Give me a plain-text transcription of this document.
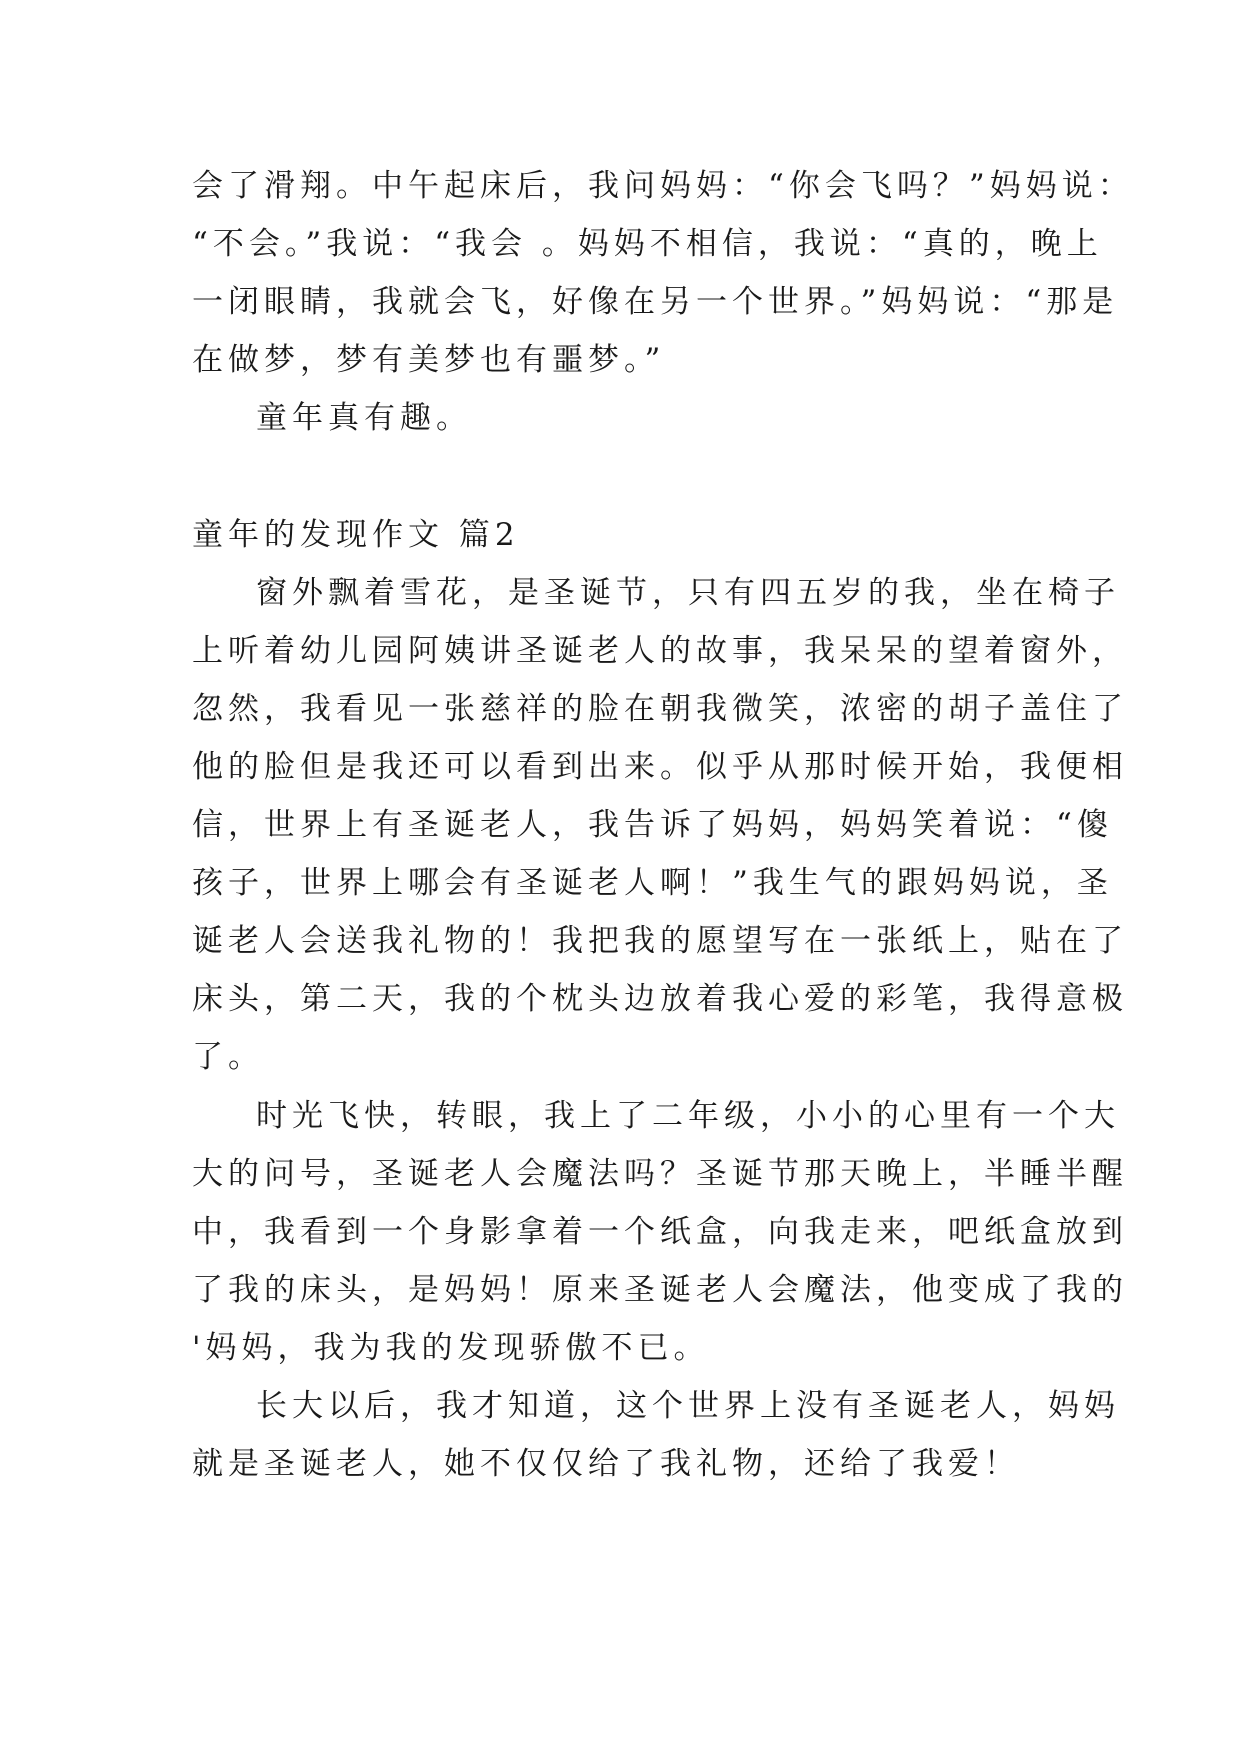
会了滑翔。中午起床后，我问妈妈：“你会飞吗？”妈妈说：
“不会。”我说：“我会 。妈妈不相信，我说：“真的，晚上
一闭眼睛，我就会飞，好像在另一个世界。”妈妈说：“那是
在做梦，梦有美梦也有噩梦。”
童年真有趣。
童年的发现作文 篇2
窗外飘着雪花，是圣诞节，只有四五岁的我，坐在椅子
上听着幼儿园阿姨讲圣诞老人的故事，我呆呆的望着窗外，
忽然，我看见一张慈祥的脸在朝我微笑，浓密的胡子盖住了
他的脸但是我还可以看到出来。似乎从那时候开始，我便相
信，世界上有圣诞老人，我告诉了妈妈，妈妈笑着说：“傻
孩子，世界上哪会有圣诞老人啊！”我生气的跟妈妈说，圣
诞老人会送我礼物的！我把我的愿望写在一张纸上，贴在了
床头，第二天，我的个枕头边放着我心爱的彩笔，我得意极
了。
时光飞快，转眼，我上了二年级，小小的心里有一个大
大的问号，圣诞老人会魔法吗？圣诞节那天晚上，半睡半醒
中，我看到一个身影拿着一个纸盒，向我走来，吧纸盒放到
了我的床头，是妈妈！原来圣诞老人会魔法，他变成了我的
'妈妈，我为我的发现骄傲不已。
长大以后，我才知道，这个世界上没有圣诞老人，妈妈
就是圣诞老人，她不仅仅给了我礼物，还给了我爱！
